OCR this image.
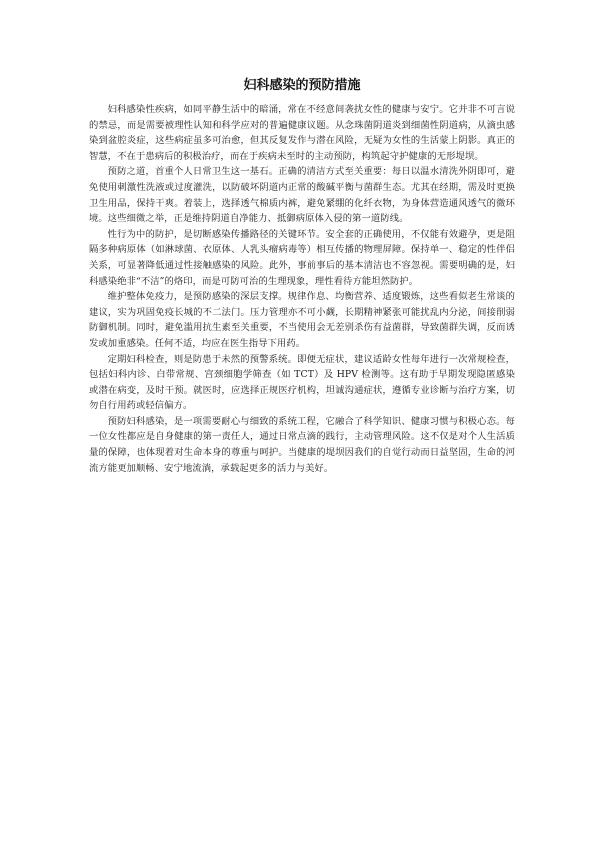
妇科感染的预防措施

妇科感染性疾病，如同平静生活中的暗涌，常在不经意间袭扰女性的健康与安宁。它并非不可言说的禁忌，而是需要被理性认知和科学应对的普遍健康议题。从念珠菌阴道炎到细菌性阴道病，从滴虫感染到盆腔炎症，这些病症虽多可治愈，但其反复发作与潜在风险，无疑为女性的生活蒙上阴影。真正的智慧，不在于患病后的积极治疗，而在于疾病未至时的主动预防，构筑起守护健康的无形堤坝。

预防之道，首重个人日常卫生这一基石。正确的清洁方式至关重要：每日以温水清洗外阴即可，避免使用刺激性洗液或过度灌洗，以防破坏阴道内正常的酸碱平衡与菌群生态。尤其在经期，需及时更换卫生用品，保持干爽。着装上，选择透气棉质内裤，避免紧绷的化纤衣物，为身体营造通风透气的微环境。这些细微之举，正是维持阴道自净能力、抵御病原体入侵的第一道防线。

性行为中的防护，是切断感染传播路径的关键环节。安全套的正确使用，不仅能有效避孕，更是阻隔多种病原体（如淋球菌、衣原体、人乳头瘤病毒等）相互传播的物理屏障。保持单一、稳定的性伴侣关系，可显著降低通过性接触感染的风险。此外，事前事后的基本清洁也不容忽视。需要明确的是，妇科感染绝非“不洁”的烙印，而是可防可治的生理现象，理性看待方能坦然防护。

维护整体免疫力，是预防感染的深层支撑。规律作息、均衡营养、适度锻炼，这些看似老生常谈的建议，实为巩固免疫长城的不二法门。压力管理亦不可小觑，长期精神紧张可能扰乱内分泌，间接削弱防御机制。同时，避免滥用抗生素至关重要，不当使用会无差别杀伤有益菌群，导致菌群失调，反而诱发或加重感染。任何不适，均应在医生指导下用药。

定期妇科检查，则是防患于未然的预警系统。即便无症状，建议适龄女性每年进行一次常规检查，包括妇科内诊、白带常规、宫颈细胞学筛查（如 TCT）及 HPV 检测等。这有助于早期发现隐匿感染或潜在病变，及时干预。就医时，应选择正规医疗机构，坦诚沟通症状，遵循专业诊断与治疗方案，切勿自行用药或轻信偏方。

预防妇科感染，是一项需要耐心与细致的系统工程，它融合了科学知识、健康习惯与积极心态。每一位女性都应是自身健康的第一责任人，通过日常点滴的践行，主动管理风险。这不仅是对个人生活质量的保障，也体现着对生命本身的尊重与呵护。当健康的堤坝因我们的自觉行动而日益坚固，生命的河流方能更加顺畅、安宁地流淌，承载起更多的活力与美好。
